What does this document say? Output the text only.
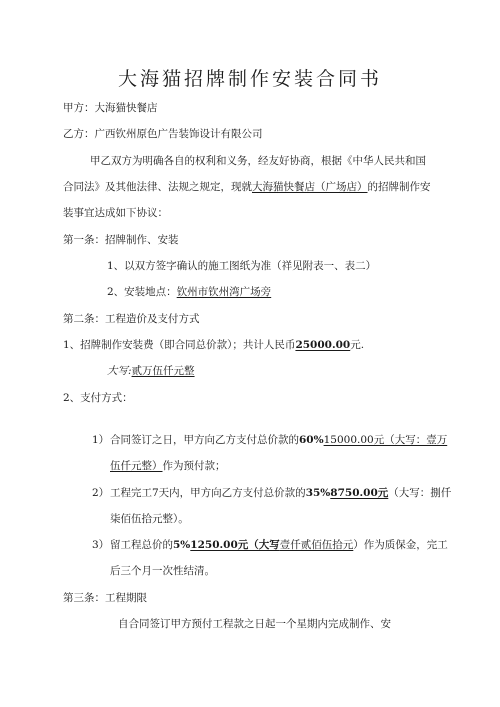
大海猫招牌制作安装合同书
甲方：大海猫快餐店
乙方：广西钦州原色广告装饰设计有限公司
甲乙双方为明确各自的权利和义务，经友好协商，根据《中华人民共和国
合同法》及其他法律、法规之规定，现就大海猫快餐店（广场店）的招牌制作安
装事宜达成如下协议：
第一条：招牌制作、安装
1、以双方签字确认的施工图纸为准（祥见附表一、表二）
2、安装地点：钦州市钦州湾广场旁
第二条：工程造价及支付方式
1、招牌制作安装费（即合同总价款）；共计人民币25000.00元.
大写:贰万伍仟元整
2、支付方式：
1） 合同签订之日，甲方向乙方支付总价款的60%15000.00元（大写：壹万
伍仟元整）作为预付款；
2） 工程完工7天内，甲方向乙方支付总价款的35%8750.00元（大写：捌仟
柒佰伍拾元整）。
3） 留工程总价的5%1250.00元（大写壹仟贰佰伍拾元）作为质保金，完工
后三个月一次性结清。
第三条：工程期限
自合同签订甲方预付工程款之日起一个星期内完成制作、安
